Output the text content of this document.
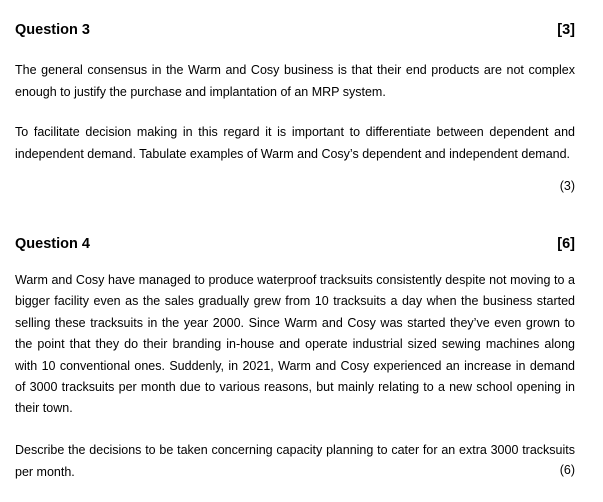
Question 3	[3]
The general consensus in the Warm and Cosy business is that their end products are not complex enough to justify the purchase and implantation of an MRP system.
To facilitate decision making in this regard it is important to differentiate between dependent and independent demand. Tabulate examples of Warm and Cosy’s dependent and independent demand.
(3)
Question 4	[6]
Warm and Cosy have managed to produce waterproof tracksuits consistently despite not moving to a bigger facility even as the sales gradually grew from 10 tracksuits a day when the business started selling these tracksuits in the year 2000. Since Warm and Cosy was started they’ve even grown to the point that they do their branding in-house and operate industrial sized sewing machines along with 10 conventional ones. Suddenly, in 2021, Warm and Cosy experienced an increase in demand of 3000 tracksuits per month due to various reasons, but mainly relating to a new school opening in their town.
Describe the decisions to be taken concerning capacity planning to cater for an extra 3000 tracksuits per month.	(6)
